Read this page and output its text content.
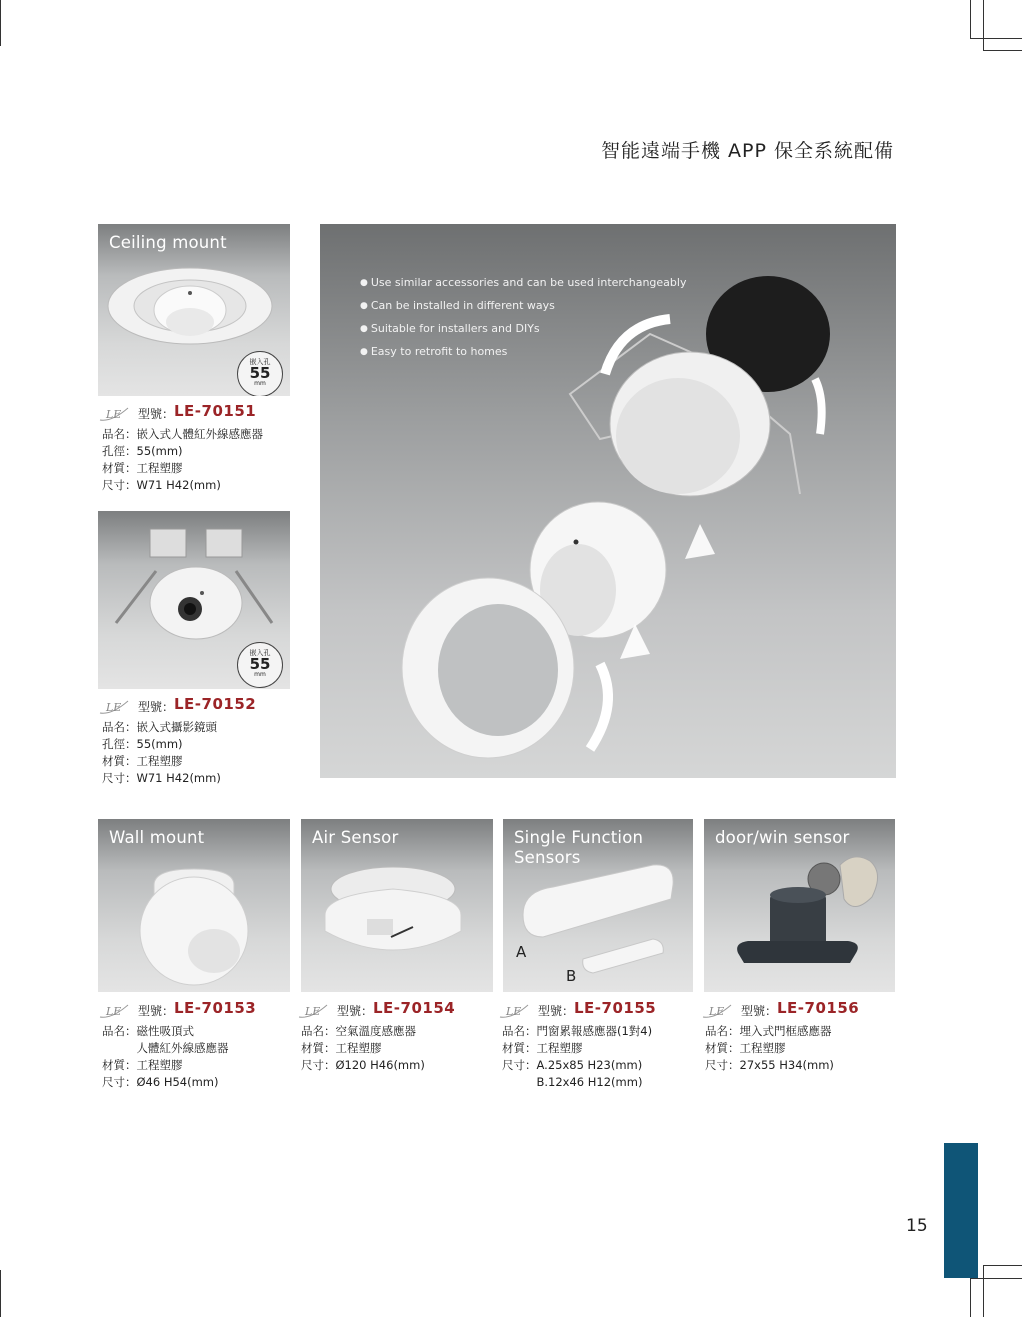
智能遠端手機 APP 保全系統配備
Ceiling mount
嵌入孔
55
mm
LE 型號： LE-70151
品名：嵌入式人體紅外線感應器
孔徑：55(mm)
材質：工程塑膠
尺寸：W71 H42(mm)
嵌入孔
55
mm
LE 型號： LE-70152
品名：嵌入式攝影鏡頭
孔徑：55(mm)
材質：工程塑膠
尺寸：W71 H42(mm)
● Use similar accessories and can be used interchangeably
● Can be installed in different ways
● Suitable for installers and DIYs
● Easy to retrofit to homes
Wall mount
LE 型號： LE-70153
品名：磁性吸頂式
　　　人體紅外線感應器
材質：工程塑膠
尺寸：Ø46 H54(mm)
Air Sensor
LE 型號： LE-70154
品名：空氣溫度感應器
材質：工程塑膠
尺寸：Ø120 H46(mm)
Single Function Sensors
A
B
LE 型號： LE-70155
品名：門窗累報感應器(1對4)
材質：工程塑膠
尺寸：A.25x85 H23(mm)
　　　B.12x46 H12(mm)
door/win sensor
LE 型號： LE-70156
品名：埋入式門框感應器
材質：工程塑膠
尺寸：27x55 H34(mm)
15
